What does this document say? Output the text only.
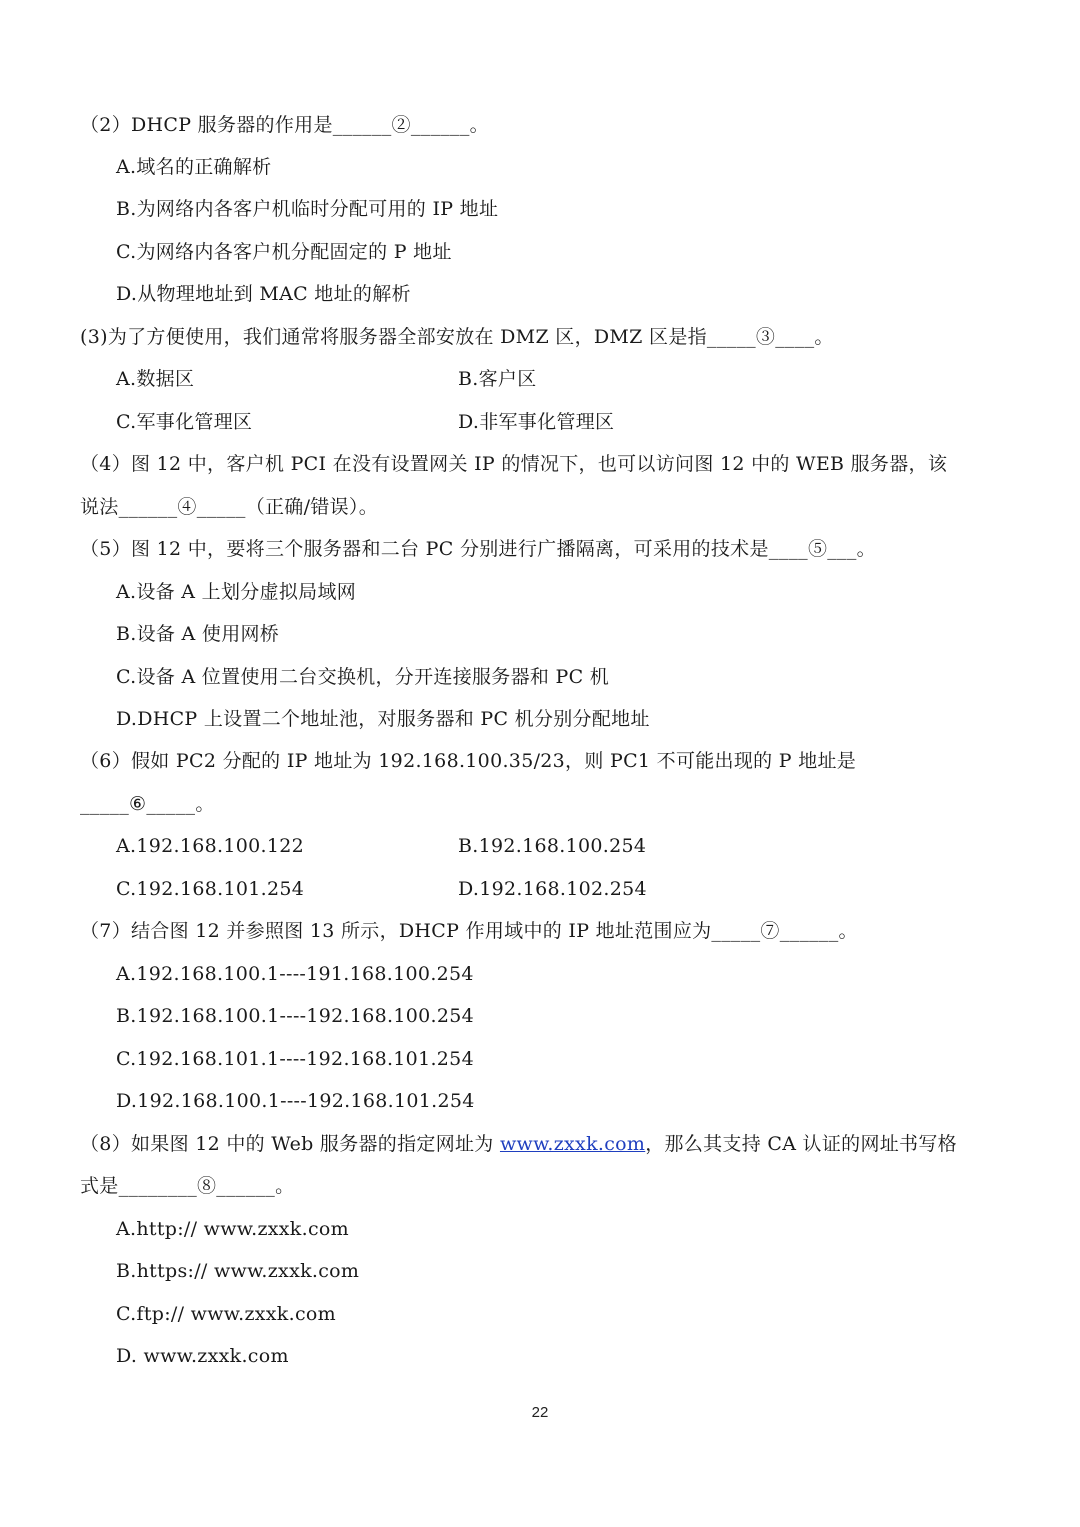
（2）DHCP 服务器的作用是______②______。
A.域名的正确解析
B.为网络内各客户机临时分配可用的 IP 地址
C.为网络内各客户机分配固定的 P 地址
D.从物理地址到 MAC 地址的解析
(3)为了方便使用，我们通常将服务器全部安放在 DMZ 区，DMZ 区是指_____③____。
A.数据区	B.客户区
C.军事化管理区	D.非军事化管理区
（4）图 12 中，客户机 PCI 在没有设置网关 IP 的情况下，也可以访问图 12 中的 WEB 服务器，该
说法______④_____（正确/错误）。
（5）图 12 中，要将三个服务器和二台 PC 分别进行广播隔离，可采用的技术是____⑤___。
A.设备 A 上划分虚拟局域网
B.设备 A 使用网桥
C.设备 A 位置使用二台交换机，分开连接服务器和 PC 机
D.DHCP 上设置二个地址池，对服务器和 PC 机分别分配地址
（6）假如 PC2 分配的 IP 地址为 192.168.100.35/23，则 PC1 不可能出现的 P 地址是
_____⑥_____。
A.192.168.100.122	B.192.168.100.254
C.192.168.101.254	D.192.168.102.254
（7）结合图 12 并参照图 13 所示，DHCP 作用域中的 IP 地址范围应为_____⑦______。
A.192.168.100.1----191.168.100.254
B.192.168.100.1----192.168.100.254
C.192.168.101.1----192.168.101.254
D.192.168.100.1----192.168.101.254
（8）如果图 12 中的 Web 服务器的指定网址为 www.zxxk.com，那么其支持 CA 认证的网址书写格
式是________⑧______。
A.http:// www.zxxk.com
B.https:// www.zxxk.com
C.ftp:// www.zxxk.com
D. www.zxxk.com
22
